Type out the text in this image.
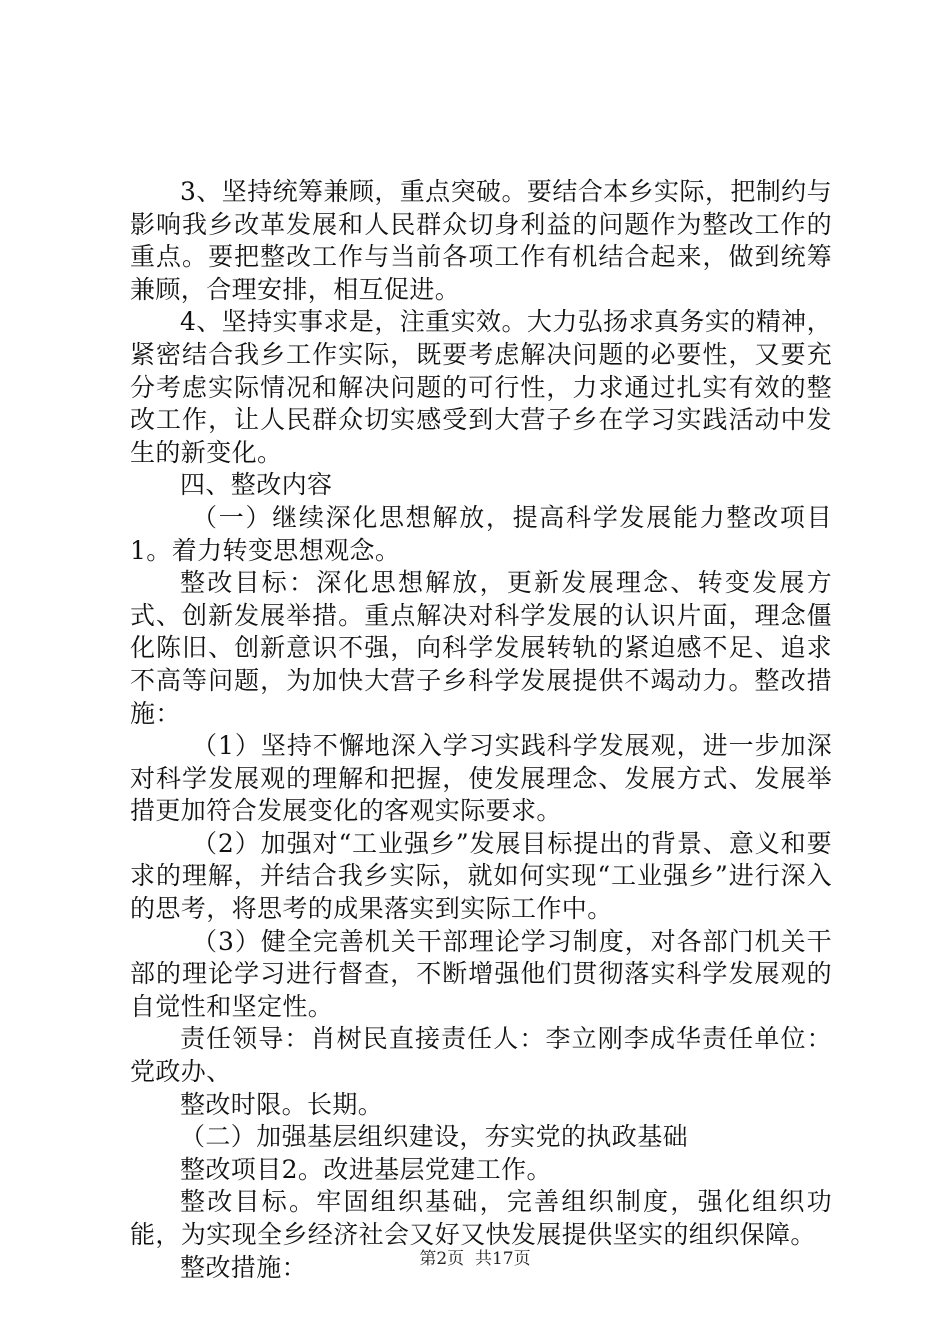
3、坚持统筹兼顾，重点突破。要结合本乡实际，把制约与影响我乡改革发展和人民群众切身利益的问题作为整改工作的重点。要把整改工作与当前各项工作有机结合起来，做到统筹兼顾，合理安排，相互促进。

4、坚持实事求是，注重实效。大力弘扬求真务实的精神，紧密结合我乡工作实际，既要考虑解决问题的必要性，又要充分考虑实际情况和解决问题的可行性，力求通过扎实有效的整改工作，让人民群众切实感受到大营子乡在学习实践活动中发生的新变化。

四、整改内容

（一）继续深化思想解放，提高科学发展能力整改项目1。着力转变思想观念。

整改目标：深化思想解放，更新发展理念、转变发展方式、创新发展举措。重点解决对科学发展的认识片面，理念僵化陈旧、创新意识不强，向科学发展转轨的紧迫感不足、追求不高等问题，为加快大营子乡科学发展提供不竭动力。整改措施：

（1）坚持不懈地深入学习实践科学发展观，进一步加深对科学发展观的理解和把握，使发展理念、发展方式、发展举措更加符合发展变化的客观实际要求。

（2）加强对“工业强乡”发展目标提出的背景、意义和要求的理解，并结合我乡实际，就如何实现“工业强乡”进行深入的思考，将思考的成果落实到实际工作中。

（3）健全完善机关干部理论学习制度，对各部门机关干部的理论学习进行督查，不断增强他们贯彻落实科学发展观的自觉性和坚定性。

责任领导：肖树民直接责任人：李立刚李成华责任单位：党政办、

整改时限。长期。

（二）加强基层组织建设，夯实党的执政基础

整改项目2。改进基层党建工作。

整改目标。牢固组织基础，完善组织制度，强化组织功能，为实现全乡经济社会又好又快发展提供坚实的组织保障。

整改措施：	第2页  共17页
